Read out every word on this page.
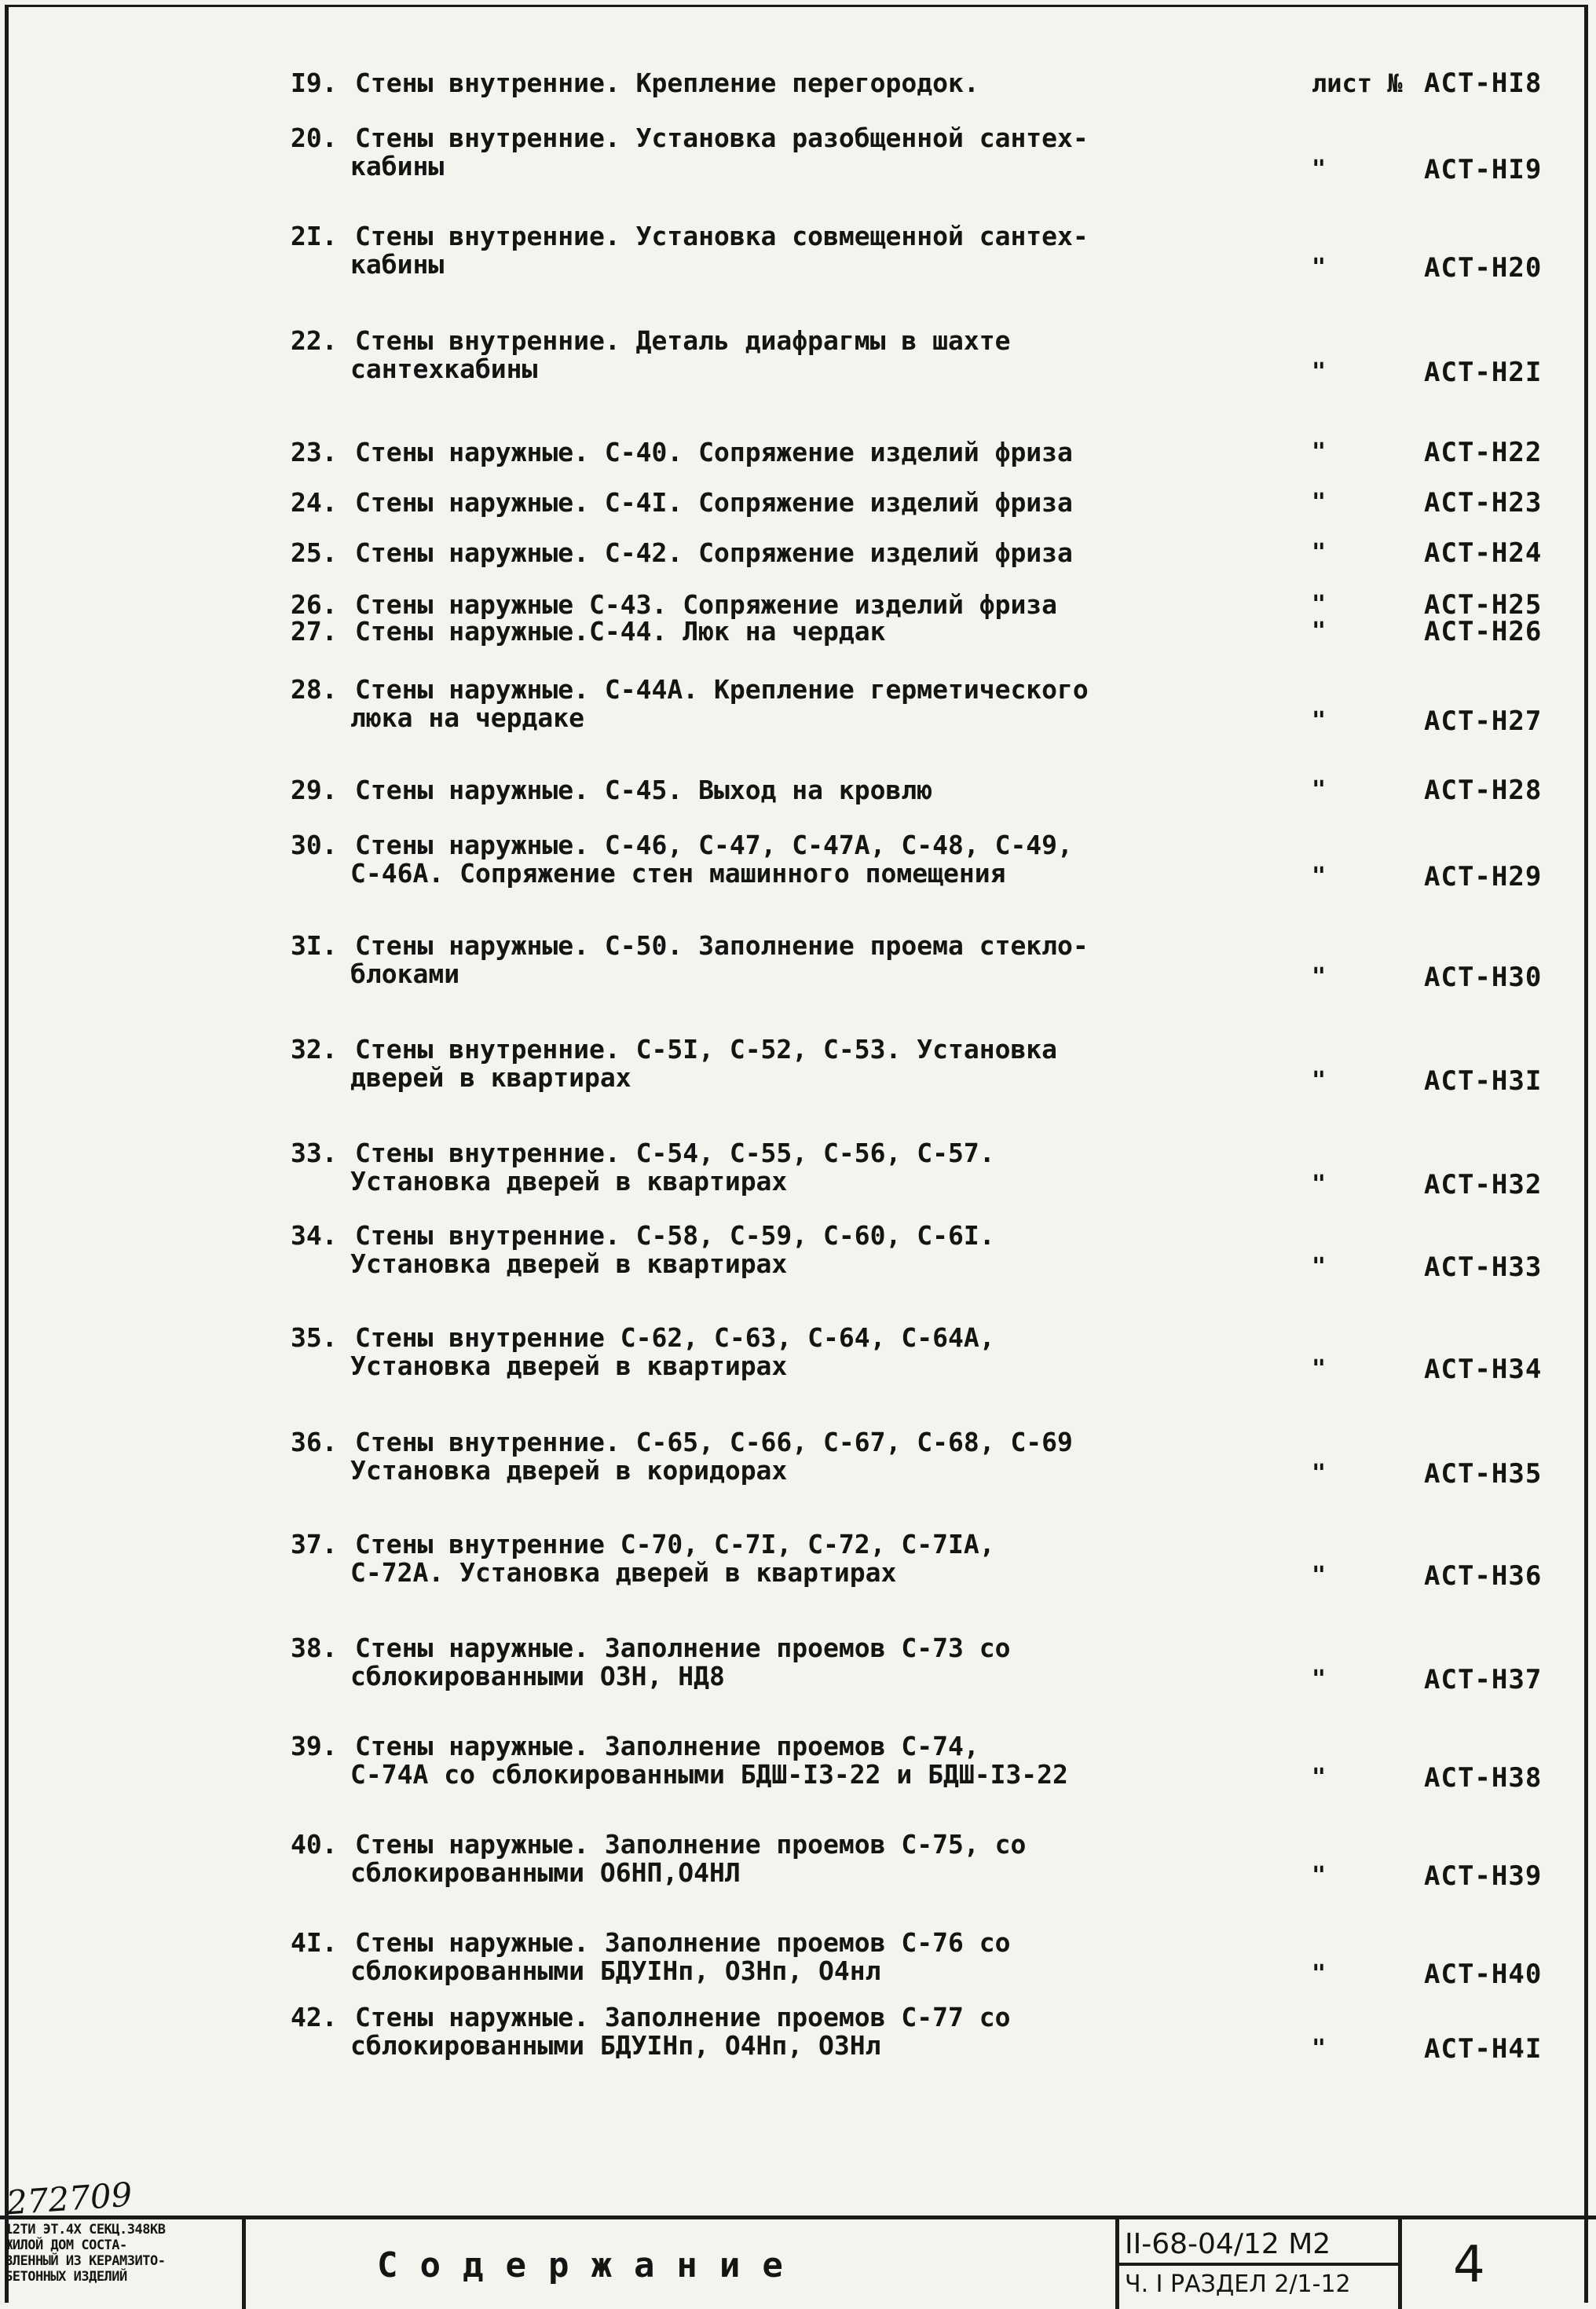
I9. Стены внутренние. Крепление перегородок.	лист № АСТ-НI8
20. Стены внутренние. Установка разобщенной сантех-
кабины	"	АСТ-НI9
2I. Стены внутренние. Установка совмещенной сантех-
кабины	"	АСТ-Н20
22. Стены внутренние. Деталь диафрагмы в шахте
сантехкабины	"	АСТ-Н2I
23. Стены наружные. С-40. Сопряжение изделий фриза	"	АСТ-Н22
24. Стены наружные. С-4I. Сопряжение изделий фриза	"	АСТ-Н23
25. Стены наружные. С-42. Сопряжение изделий фриза	"	АСТ-Н24
26. Стены наружные С-43. Сопряжение изделий фриза	"	АСТ-Н25
27. Стены наружные.С-44. Люк на чердак	"	АСТ-Н26
28. Стены наружные. С-44А. Крепление герметического
люка на чердаке	"	АСТ-Н27
29. Стены наружные. С-45. Выход на кровлю	"	АСТ-Н28
30. Стены наружные. С-46, С-47, С-47А, С-48, С-49,
С-46А. Сопряжение стен машинного помещения	"	АСТ-Н29
3I. Стены наружные. С-50. Заполнение проема стекло-
блоками	"	АСТ-Н30
32. Стены внутренние. С-5I, С-52, С-53. Установка
дверей в квартирах	"	АСТ-Н3I
33. Стены внутренние. С-54, С-55, С-56, С-57.
Установка дверей в квартирах	"	АСТ-Н32
34. Стены внутренние. С-58, С-59, С-60, С-6I.
Установка дверей в квартирах	"	АСТ-Н33
35. Стены внутренние С-62, С-63, С-64, С-64А,
Установка дверей в квартирах	"	АСТ-Н34
36. Стены внутренние. С-65, С-66, С-67, С-68, С-69
Установка дверей в коридорах	"	АСТ-Н35
37. Стены внутренние С-70, С-7I, С-72, С-7IА,
С-72А. Установка дверей в квартирах	"	АСТ-Н36
38. Стены наружные. Заполнение проемов С-73 со
сблокированными О3Н, НД8	"	АСТ-Н37
39. Стены наружные. Заполнение проемов С-74,
С-74А со сблокированными БДШ-I3-22 и БДШ-I3-22	"	АСТ-Н38
40. Стены наружные. Заполнение проемов С-75, со
сблокированными О6НП,О4НЛ	"	АСТ-Н39
4I. Стены наружные. Заполнение проемов С-76 со
сблокированными БДУIНп, О3Нп, О4нл	"	АСТ-Н40
42. Стены наружные. Заполнение проемов С-77 со
сблокированными БДУIНп, О4Нп, О3Нл	"	АСТ-Н4I
272709
12ТИ ЭТ.4Х СЕКЦ.348КВ
ЖИЛОЙ ДОМ СОСТА-
ВЛЕННЫЙ ИЗ КЕРАМЗИТО-
БЕТОННЫХ ИЗДЕЛИЙ	Содержание
II-68-04/12 М2
Ч. I РАЗДЕЛ 2/1-12 4
